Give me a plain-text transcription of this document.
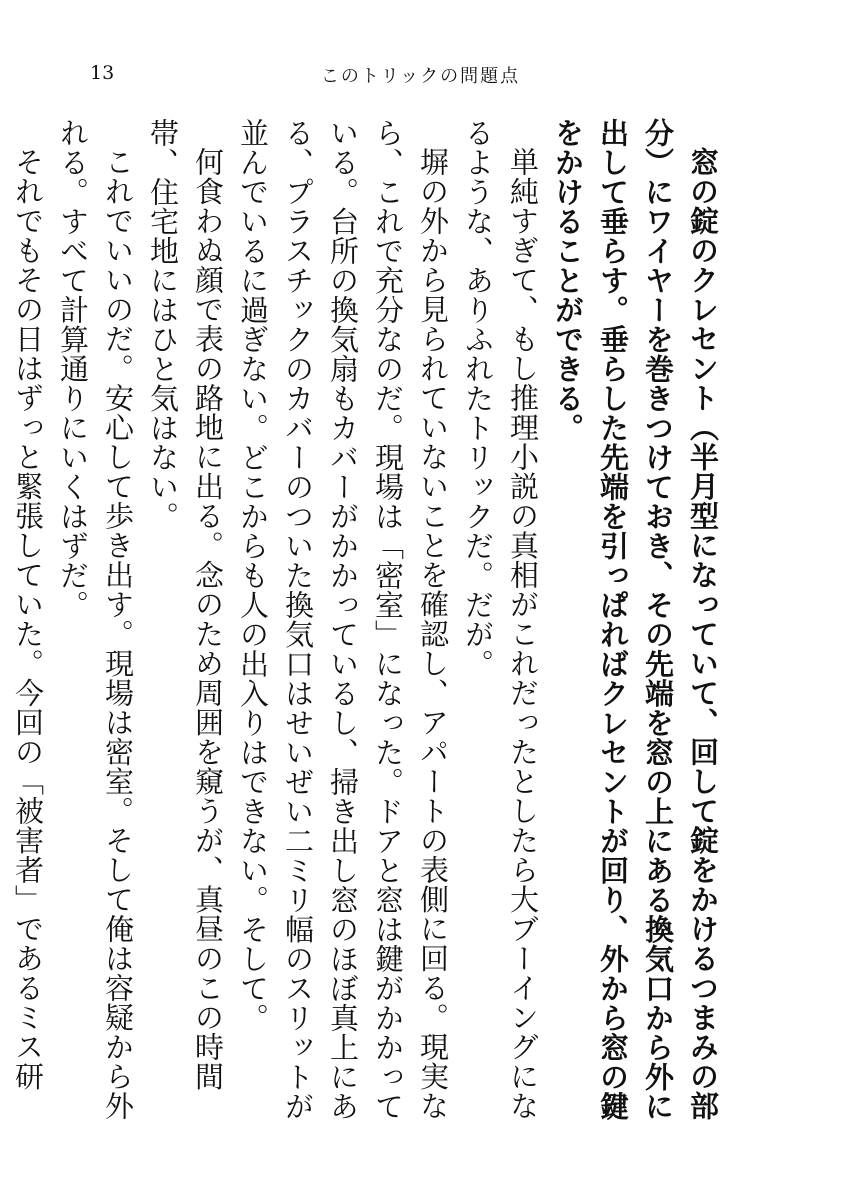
13	このトリックの問題点

窓の錠のクレセント（半月型になっていて、回して錠をかけるつまみの部分）にワイヤーを巻きつけておき、その先端を窓の上にある換気口から外に出して垂らす。垂らした先端を引っぱればクレセントが回り、外から窓の鍵をかけることができる。

単純すぎて、もし推理小説の真相がこれだったとしたら大ブーイングになるような、ありふれたトリックだ。だが。

塀の外から見られていないことを確認し、アパートの表側に回る。現実なら、これで充分なのだ。現場は「密室」になった。ドアと窓は鍵がかかっている。台所の換気扇もカバーがかかっているし、掃き出し窓のほぼ真上にある、プラスチックのカバーのついた換気口はせいぜい二ミリ幅のスリットが並んでいるに過ぎない。どこからも人の出入りはできない。そして。

何食わぬ顔で表の路地に出る。念のため周囲を窺うが、真昼のこの時間帯、住宅地にはひと気はない。

これでいいのだ。安心して歩き出す。現場は密室。そして俺は容疑から外れる。すべて計算通りにいくはずだ。

それでもその日はずっと緊張していた。今回の「被害者」であるミス研
